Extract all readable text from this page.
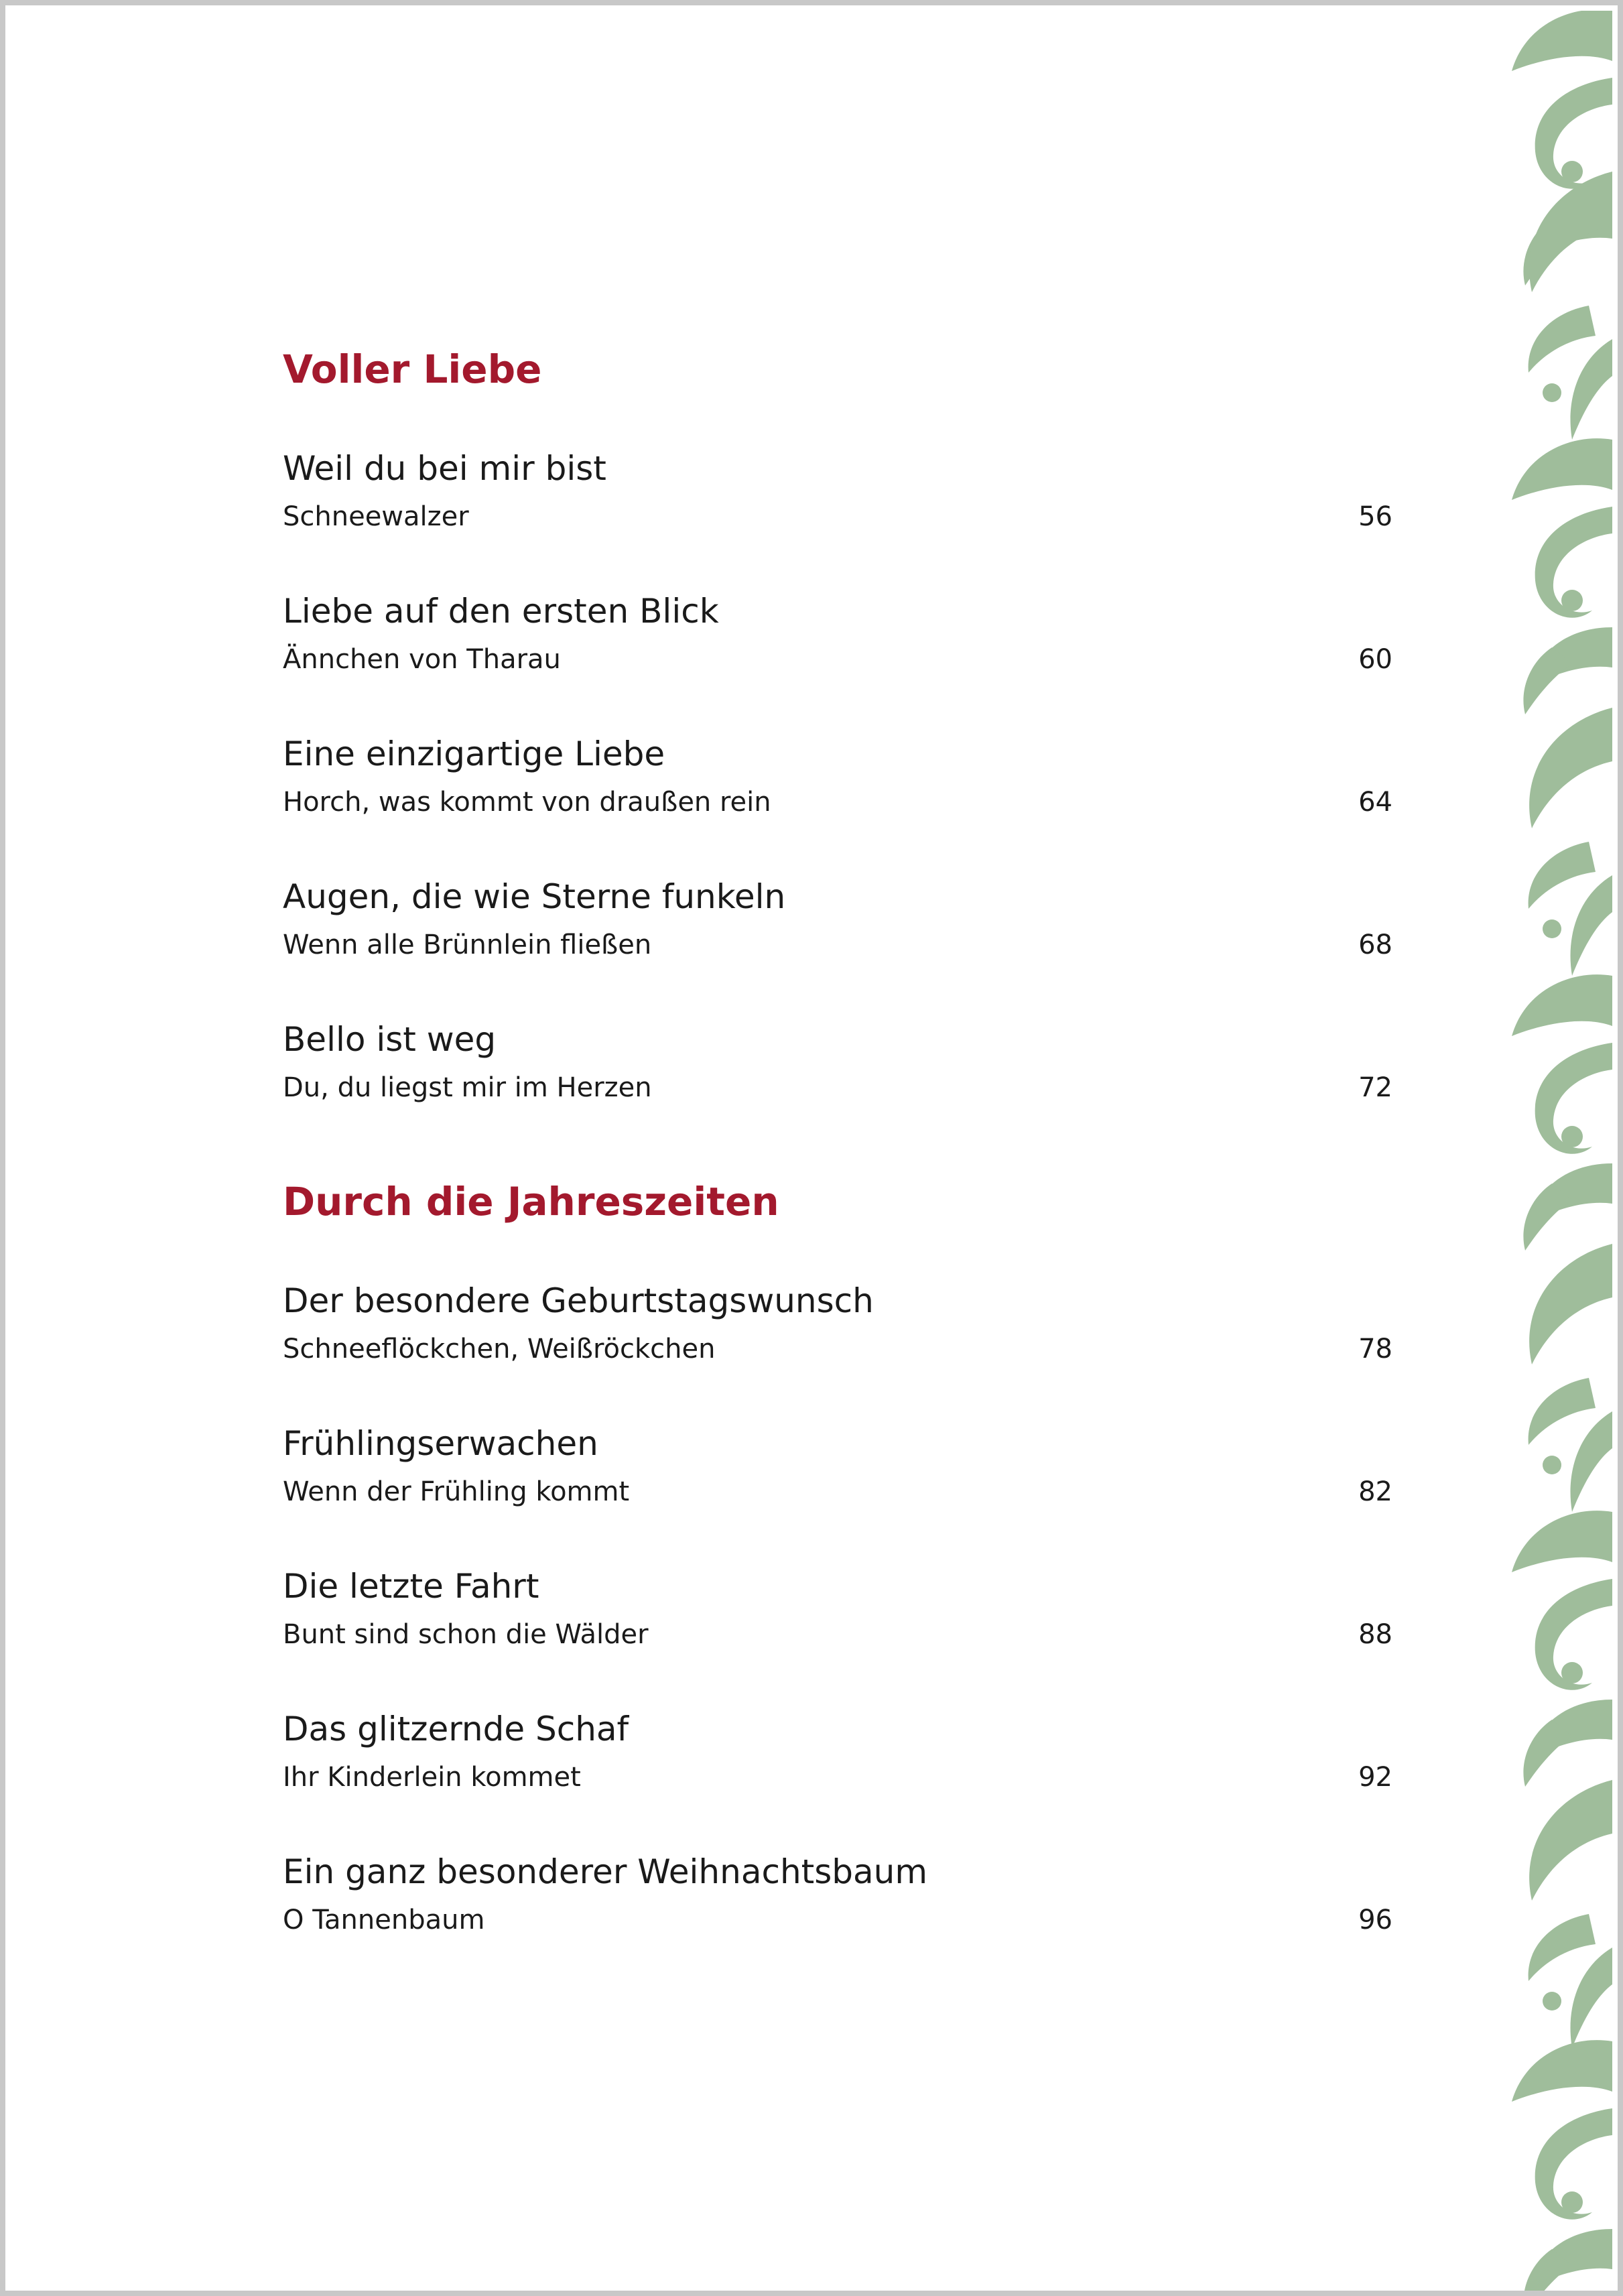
Voller Liebe
Weil du bei mir bist
Schneewalzer	56
Liebe auf den ersten Blick
Ännchen von Tharau	60
Eine einzigartige Liebe
Horch, was kommt von draußen rein	64
Augen, die wie Sterne funkeln
Wenn alle Brünnlein fließen	68
Bello ist weg
Du, du liegst mir im Herzen	72
Durch die Jahreszeiten
Der besondere Geburtstagswunsch
Schneeflöckchen, Weißröckchen	78
Frühlingserwachen
Wenn der Frühling kommt	82
Die letzte Fahrt
Bunt sind schon die Wälder	88
Das glitzernde Schaf
Ihr Kinderlein kommet	92
Ein ganz besonderer Weihnachtsbaum
O Tannenbaum	96
